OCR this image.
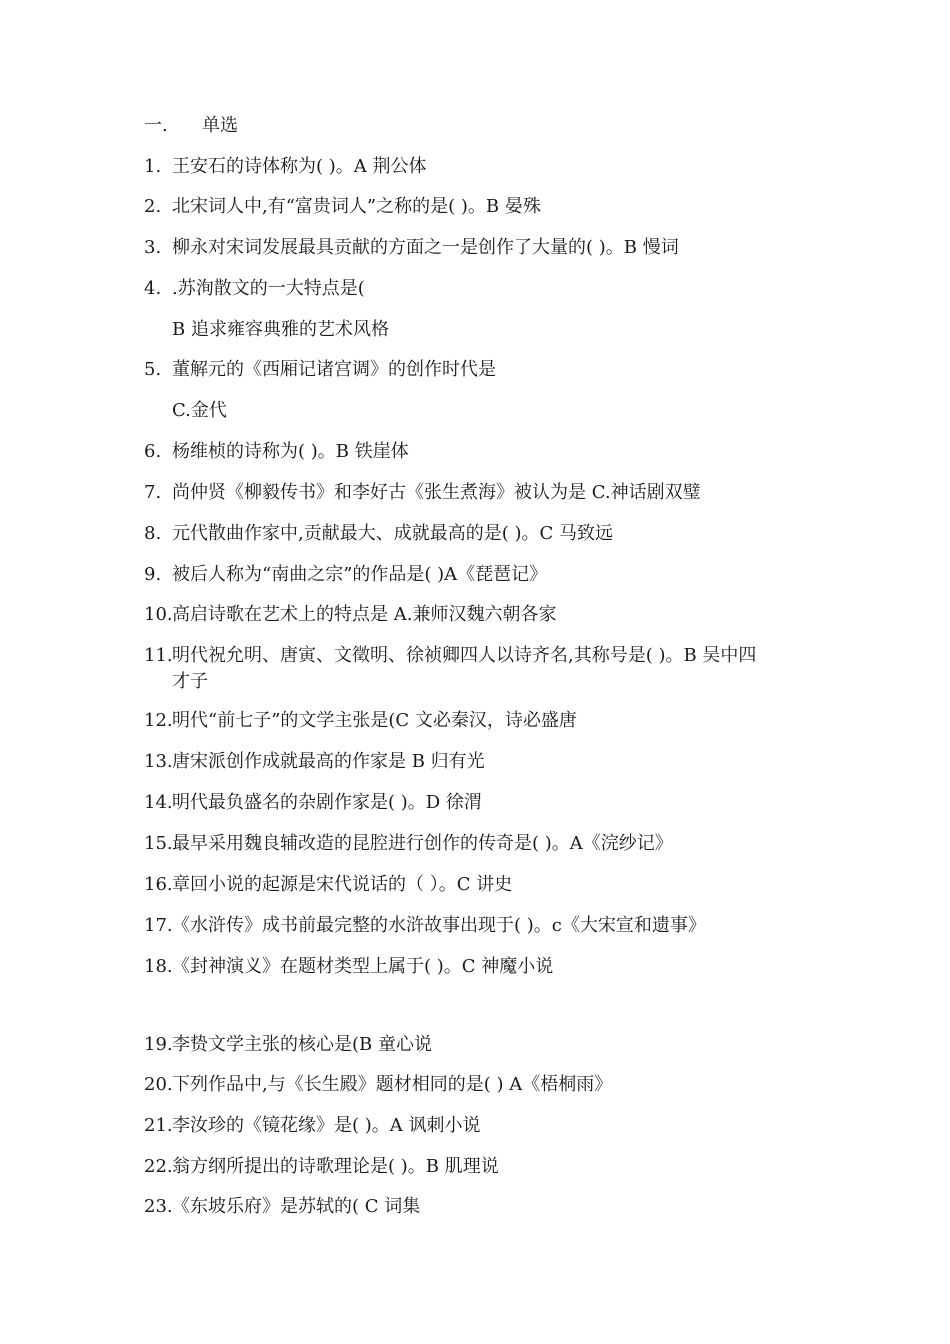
一. 单选
1. 王安石的诗体称为( )。A 荆公体
2. 北宋词人中,有“富贵词人”之称的是( )。B 晏殊
3. 柳永对宋词发展最具贡献的方面之一是创作了大量的( )。B 慢词
4. .苏洵散文的一大特点是(
B 追求雍容典雅的艺术风格
5. 董解元的《西厢记诸宫调》的创作时代是
C.金代
6. 杨维桢的诗称为( )。B 铁崖体
7. 尚仲贤《柳毅传书》和李好古《张生煮海》被认为是 C.神话剧双璧
8. 元代散曲作家中,贡献最大、成就最高的是( )。C 马致远
9. 被后人称为“南曲之宗”的作品是( )A《琵琶记》
10.高启诗歌在艺术上的特点是 A.兼师汉魏六朝各家
11.明代祝允明、唐寅、文徵明、徐祯卿四人以诗齐名,其称号是( )。B 吴中四
才子
12.明代“前七子”的文学主张是(C 文必秦汉，诗必盛唐
13.唐宋派创作成就最高的作家是 B 归有光
14.明代最负盛名的杂剧作家是( )。D 徐渭
15.最早采用魏良辅改造的昆腔进行创作的传奇是( )。A《浣纱记》
16.章回小说的起源是宋代说话的（ ）。C 讲史
17.《水浒传》成书前最完整的水浒故事出现于( )。c《大宋宣和遗事》
18.《封神演义》在题材类型上属于( )。C 神魔小说
19.李贽文学主张的核心是(B 童心说
20.下列作品中,与《长生殿》题材相同的是( ) A《梧桐雨》
21.李汝珍的《镜花缘》是( )。A 讽刺小说
22.翁方纲所提出的诗歌理论是( )。B 肌理说
23.《东坡乐府》是苏轼的( C 词集
